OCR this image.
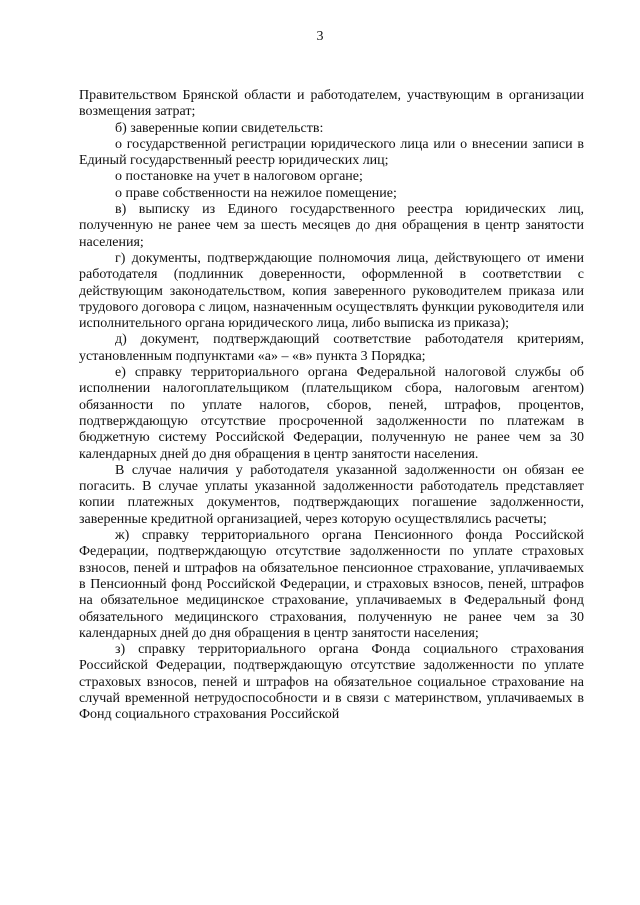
3

Правительством Брянской области и работодателем, участвующим в организации возмещения затрат;

б) заверенные копии свидетельств:

о государственной регистрации юридического лица или о внесении записи в Единый государственный реестр юридических лиц;

о постановке на учет в налоговом органе;

о праве собственности на нежилое помещение;

в) выписку из Единого государственного реестра юридических лиц, полученную не ранее чем за шесть месяцев до дня обращения в центр занятости населения;

г) документы, подтверждающие полномочия лица, действующего от имени работодателя (подлинник доверенности, оформленной в соответствии с действующим законодательством, копия заверенного руководителем приказа или трудового договора с лицом, назначенным осуществлять функции руководителя или исполнительного органа юридического лица, либо выписка из приказа);

д) документ, подтверждающий соответствие работодателя критериям, установленным подпунктами «а» – «в» пункта 3 Порядка;

е) справку территориального органа Федеральной налоговой службы об исполнении налогоплательщиком (плательщиком сбора, налоговым агентом) обязанности по уплате налогов, сборов, пеней, штрафов, процентов, подтверждающую отсутствие просроченной задолженности по платежам в бюджетную систему Российской Федерации, полученную не ранее чем за 30 календарных дней до дня обращения в центр занятости населения.

В случае наличия у работодателя указанной задолженности он обязан ее погасить. В случае уплаты указанной задолженности работодатель представляет копии платежных документов, подтверждающих погашение задолженности, заверенные кредитной организацией, через которую осуществлялись расчеты;

ж) справку территориального органа Пенсионного фонда Российской Федерации, подтверждающую отсутствие задолженности по уплате страховых взносов, пеней и штрафов на обязательное пенсионное страхование, уплачиваемых в Пенсионный фонд Российской Федерации, и страховых взносов, пеней, штрафов на обязательное медицинское страхование, уплачиваемых в Федеральный фонд обязательного медицинского страхования, полученную не ранее чем за 30 календарных дней до дня обращения в центр занятости населения;

з) справку территориального органа Фонда социального страхования Российской Федерации, подтверждающую отсутствие задолженности по уплате страховых взносов, пеней и штрафов на обязательное социальное страхование на случай временной нетрудоспособности и в связи с материнством, уплачиваемых в Фонд социального страхования Российской
